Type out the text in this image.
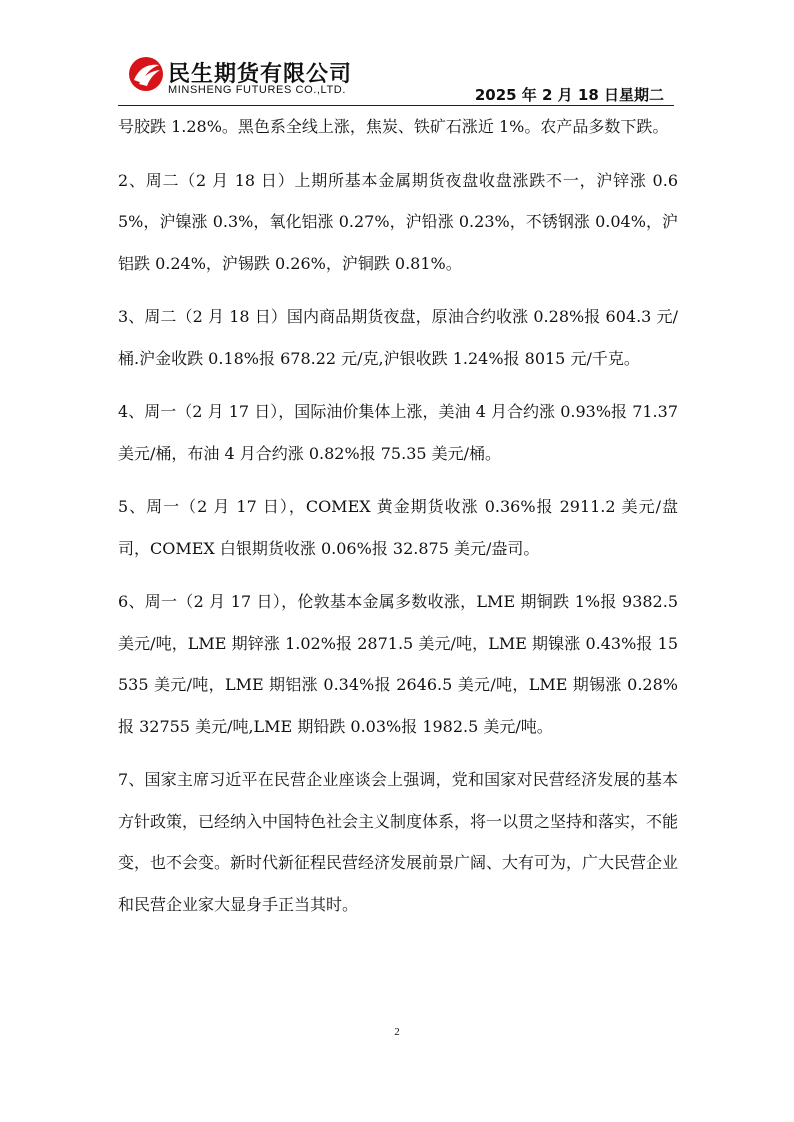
民生期货有限公司
MINSHENG FUTURES CO.,LTD.	2025 年 2 月 18 日星期二

号胶跌 1.28%。黑色系全线上涨，焦炭、铁矿石涨近 1%。农产品多数下跌。

2、周二（2 月 18 日）上期所基本金属期货夜盘收盘涨跌不一，沪锌涨 0.65%，沪镍涨 0.3%，氧化铝涨 0.27%，沪铅涨 0.23%，不锈钢涨 0.04%，沪铝跌 0.24%，沪锡跌 0.26%，沪铜跌 0.81%。

3、周二（2 月 18 日）国内商品期货夜盘，原油合约收涨 0.28%报 604.3 元/桶.沪金收跌 0.18%报 678.22 元/克,沪银收跌 1.24%报 8015 元/千克。

4、周一（2 月 17 日），国际油价集体上涨，美油 4 月合约涨 0.93%报 71.37 美元/桶，布油 4 月合约涨 0.82%报 75.35 美元/桶。

5、周一（2 月 17 日），COMEX 黄金期货收涨 0.36%报 2911.2 美元/盘司，COMEX 白银期货收涨 0.06%报 32.875 美元/盎司。

6、周一（2 月 17 日），伦敦基本金属多数收涨，LME 期铜跌 1%报 9382.5 美元/吨，LME 期锌涨 1.02%报 2871.5 美元/吨，LME 期镍涨 0.43%报 15535 美元/吨，LME 期铝涨 0.34%报 2646.5 美元/吨，LME 期锡涨 0.28%报 32755 美元/吨,LME 期铅跌 0.03%报 1982.5 美元/吨。

7、国家主席习近平在民营企业座谈会上强调，党和国家对民营经济发展的基本方针政策，已经纳入中国特色社会主义制度体系，将一以贯之坚持和落实，不能变，也不会变。新时代新征程民营经济发展前景广阔、大有可为，广大民营企业和民营企业家大显身手正当其时。

2
